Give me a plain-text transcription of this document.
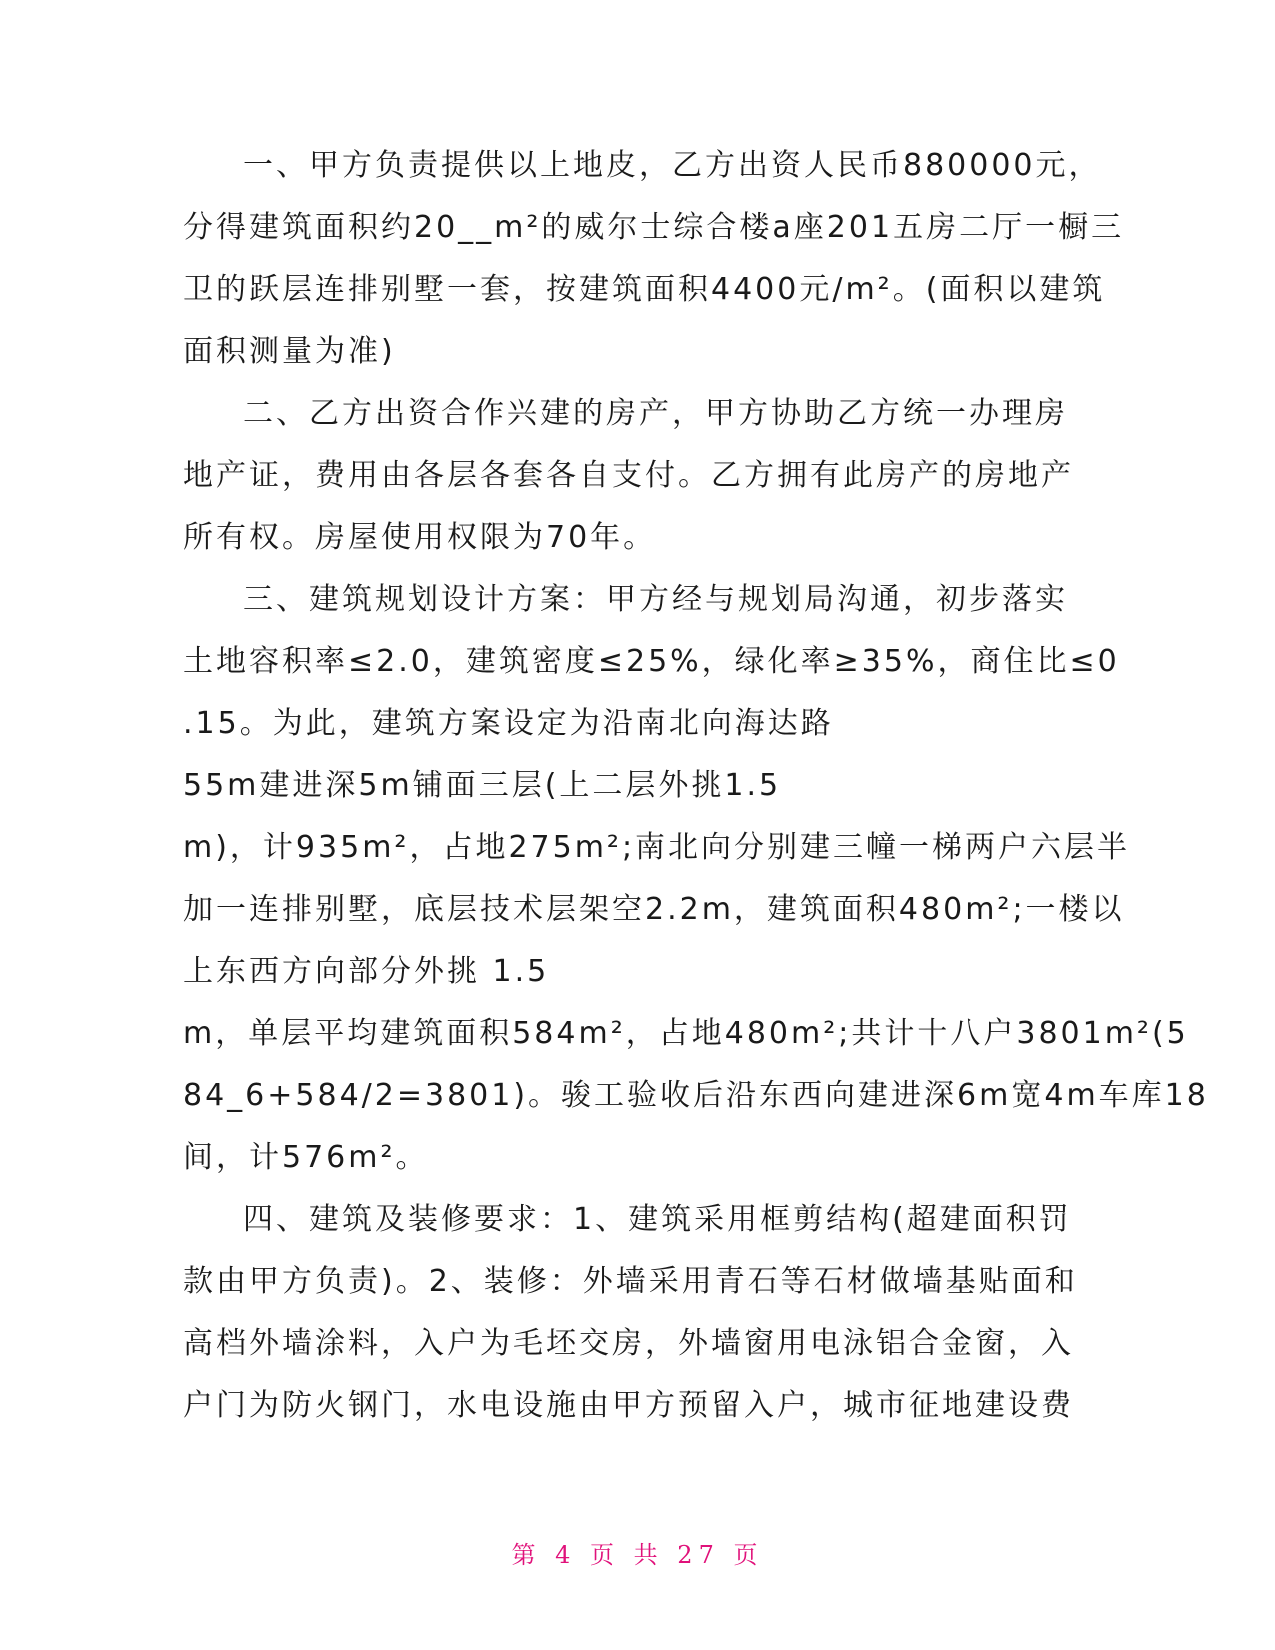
一、甲方负责提供以上地皮，乙方出资人民币880000元，

分得建筑面积约20__m²的威尔士综合楼a座201五房二厅一橱三

卫的跃层连排别墅一套，按建筑面积4400元/m²。(面积以建筑

面积测量为准)

二、乙方出资合作兴建的房产，甲方协助乙方统一办理房

地产证，费用由各层各套各自支付。乙方拥有此房产的房地产

所有权。房屋使用权限为70年。

三、建筑规划设计方案：甲方经与规划局沟通，初步落实

土地容积率≤2.0，建筑密度≤25%，绿化率≥35%，商住比≤0

.15。为此，建筑方案设定为沿南北向海达路

55m建进深5m铺面三层(上二层外挑1.5

m)，计935m²，占地275m²;南北向分别建三幢一梯两户六层半

加一连排别墅，底层技术层架空2.2m，建筑面积480m²;一楼以

上东西方向部分外挑 1.5

m，单层平均建筑面积584m²，占地480m²;共计十八户3801m²(5

84_6+584/2=3801)。骏工验收后沿东西向建进深6m宽4m车库18

间，计576m²。

四、建筑及装修要求：1、建筑采用框剪结构(超建面积罚

款由甲方负责)。2、装修：外墙采用青石等石材做墙基贴面和

高档外墙涂料，入户为毛坯交房，外墙窗用电泳铝合金窗，入

户门为防火钢门，水电设施由甲方预留入户，城市征地建设费

第 4 页 共 27 页
